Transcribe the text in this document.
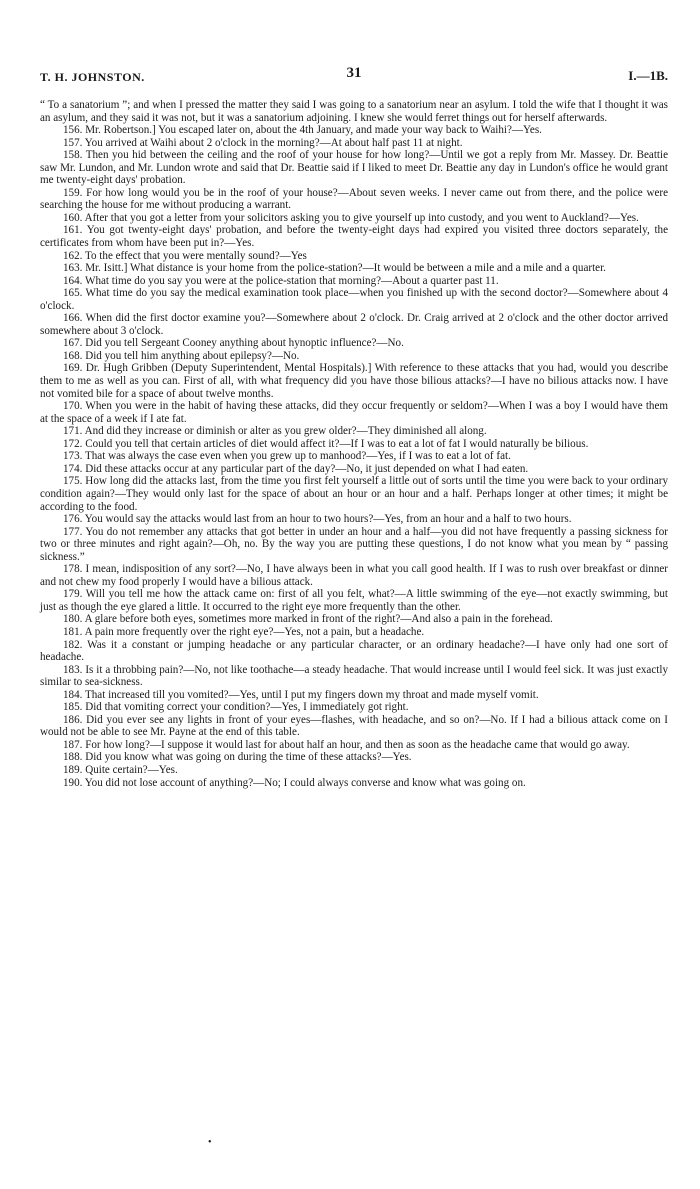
T. H. JOHNSTON.	31	I.—1B.

“ To a sanatorium ”; and when I pressed the matter they said I was going to a sanatorium near an asylum. I told the wife that I thought it was an asylum, and they said it was not, but it was a sanatorium adjoining. I knew she would ferret things out for herself afterwards.

156. Mr. Robertson.] You escaped later on, about the 4th January, and made your way back to Waihi?—Yes.

157. You arrived at Waihi about 2 o'clock in the morning?—At about half past 11 at night.

158. Then you hid between the ceiling and the roof of your house for how long?—Until we got a reply from Mr. Massey. Dr. Beattie saw Mr. Lundon, and Mr. Lundon wrote and said that Dr. Beattie said if I liked to meet Dr. Beattie any day in Lundon's office he would grant me twenty-eight days' probation.

159. For how long would you be in the roof of your house?—About seven weeks. I never came out from there, and the police were searching the house for me without producing a warrant.

160. After that you got a letter from your solicitors asking you to give yourself up into custody, and you went to Auckland?—Yes.

161. You got twenty-eight days' probation, and before the twenty-eight days had expired you visited three doctors separately, the certificates from whom have been put in?—Yes.

162. To the effect that you were mentally sound?—Yes

163. Mr. Isitt.] What distance is your home from the police-station?—It would be between a mile and a mile and a quarter.

164. What time do you say you were at the police-station that morning?—About a quarter past 11.

165. What time do you say the medical examination took place—when you finished up with the second doctor?—Somewhere about 4 o'clock.

166. When did the first doctor examine you?—Somewhere about 2 o'clock. Dr. Craig arrived at 2 o'clock and the other doctor arrived somewhere about 3 o'clock.

167. Did you tell Sergeant Cooney anything about hynoptic influence?—No.

168. Did you tell him anything about epilepsy?—No.

169. Dr. Hugh Gribben (Deputy Superintendent, Mental Hospitals).] With reference to these attacks that you had, would you describe them to me as well as you can. First of all, with what frequency did you have those bilious attacks?—I have no bilious attacks now. I have not vomited bile for a space of about twelve months.

170. When you were in the habit of having these attacks, did they occur frequently or seldom?—When I was a boy I would have them at the space of a week if I ate fat.

171. And did they increase or diminish or alter as you grew older?—They diminished all along.

172. Could you tell that certain articles of diet would affect it?—If I was to eat a lot of fat I would naturally be bilious.

173. That was always the case even when you grew up to manhood?—Yes, if I was to eat a lot of fat.

174. Did these attacks occur at any particular part of the day?—No, it just depended on what I had eaten.

175. How long did the attacks last, from the time you first felt yourself a little out of sorts until the time you were back to your ordinary condition again?—They would only last for the space of about an hour or an hour and a half. Perhaps longer at other times; it might be according to the food.

176. You would say the attacks would last from an hour to two hours?—Yes, from an hour and a half to two hours.

177. You do not remember any attacks that got better in under an hour and a half—you did not have frequently a passing sickness for two or three minutes and right again?—Oh, no. By the way you are putting these questions, I do not know what you mean by “ passing sickness.”

178. I mean, indisposition of any sort?—No, I have always been in what you call good health. If I was to rush over breakfast or dinner and not chew my food properly I would have a bilious attack.

179. Will you tell me how the attack came on: first of all you felt, what?—A little swimming of the eye—not exactly swimming, but just as though the eye glared a little. It occurred to the right eye more frequently than the other.

180. A glare before both eyes, sometimes more marked in front of the right?—And also a pain in the forehead.

181. A pain more frequently over the right eye?—Yes, not a pain, but a headache.

182. Was it a constant or jumping headache or any particular character, or an ordinary headache?—I have only had one sort of headache.

183. Is it a throbbing pain?—No, not like toothache—a steady headache. That would increase until I would feel sick. It was just exactly similar to sea-sickness.

184. That increased till you vomited?—Yes, until I put my fingers down my throat and made myself vomit.

185. Did that vomiting correct your condition?—Yes, I immediately got right.

186. Did you ever see any lights in front of your eyes—flashes, with headache, and so on?—No. If I had a bilious attack come on I would not be able to see Mr. Payne at the end of this table.

187. For how long?—I suppose it would last for about half an hour, and then as soon as the headache came that would go away.

188. Did you know what was going on during the time of these attacks?—Yes.

189. Quite certain?—Yes.

190. You did not lose account of anything?—No; I could always converse and know what was going on.

•
